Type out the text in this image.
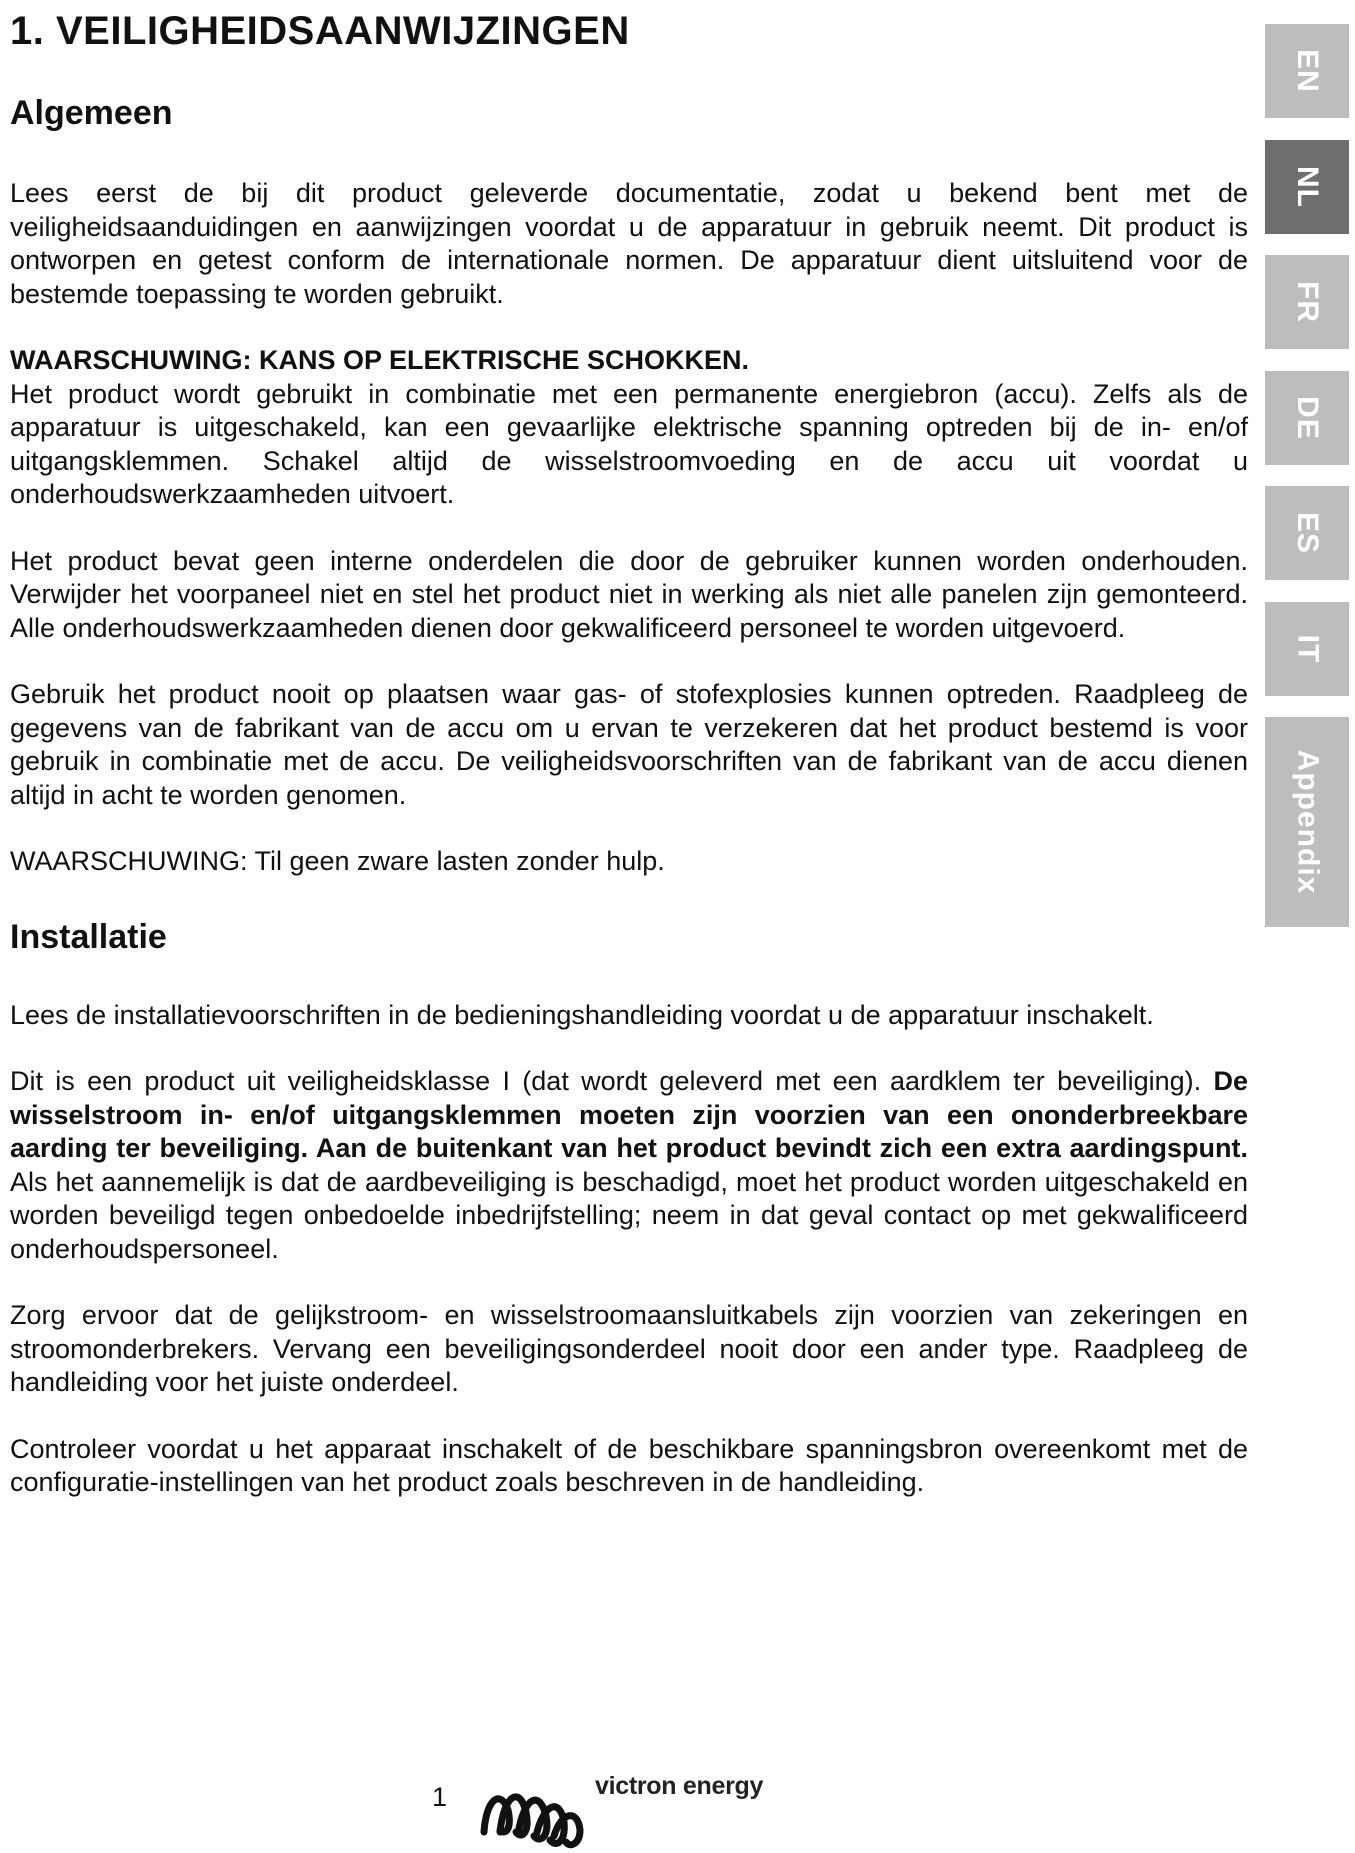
1. VEILIGHEIDSAANWIJZINGEN
Algemeen

Lees eerst de bij dit product geleverde documentatie, zodat u bekend bent met de veiligheidsaanduidingen en aanwijzingen voordat u de apparatuur in gebruik neemt. Dit product is ontworpen en getest conform de internationale normen. De apparatuur dient uitsluitend voor de bestemde toepassing te worden gebruikt.

WAARSCHUWING: KANS OP ELEKTRISCHE SCHOKKEN.

Het product wordt gebruikt in combinatie met een permanente energiebron (accu). Zelfs als de apparatuur is uitgeschakeld, kan een gevaarlijke elektrische spanning optreden bij de in- en/of uitgangsklemmen. Schakel altijd de wisselstroomvoeding en de accu uit voordat u onderhoudswerkzaamheden uitvoert.

Het product bevat geen interne onderdelen die door de gebruiker kunnen worden onderhouden. Verwijder het voorpaneel niet en stel het product niet in werking als niet alle panelen zijn gemonteerd. Alle onderhoudswerkzaamheden dienen door gekwalificeerd personeel te worden uitgevoerd.

Gebruik het product nooit op plaatsen waar gas- of stofexplosies kunnen optreden. Raadpleeg de gegevens van de fabrikant van de accu om u ervan te verzekeren dat het product bestemd is voor gebruik in combinatie met de accu. De veiligheidsvoorschriften van de fabrikant van de accu dienen altijd in acht te worden genomen.

WAARSCHUWING: Til geen zware lasten zonder hulp.

Installatie

Lees de installatievoorschriften in de bedieningshandleiding voordat u de apparatuur inschakelt.

Dit is een product uit veiligheidsklasse I (dat wordt geleverd met een aardklem ter beveiliging). De wisselstroom in- en/of uitgangsklemmen moeten zijn voorzien van een ononderbreekbare aarding ter beveiliging. Aan de buitenkant van het product bevindt zich een extra aardingspunt. Als het aannemelijk is dat de aardbeveiliging is beschadigd, moet het product worden uitgeschakeld en worden beveiligd tegen onbedoelde inbedrijfstelling; neem in dat geval contact op met gekwalificeerd onderhoudspersoneel.

Zorg ervoor dat de gelijkstroom- en wisselstroomaansluitkabels zijn voorzien van zekeringen en stroomonderbrekers. Vervang een beveiligingsonderdeel nooit door een ander type. Raadpleeg de handleiding voor het juiste onderdeel.

Controleer voordat u het apparaat inschakelt of de beschikbare spanningsbron overeenkomt met de configuratie-instellingen van het product zoals beschreven in de handleiding.

EN
NL
FR
DE
ES
IT
Appendix
1	victron energy
